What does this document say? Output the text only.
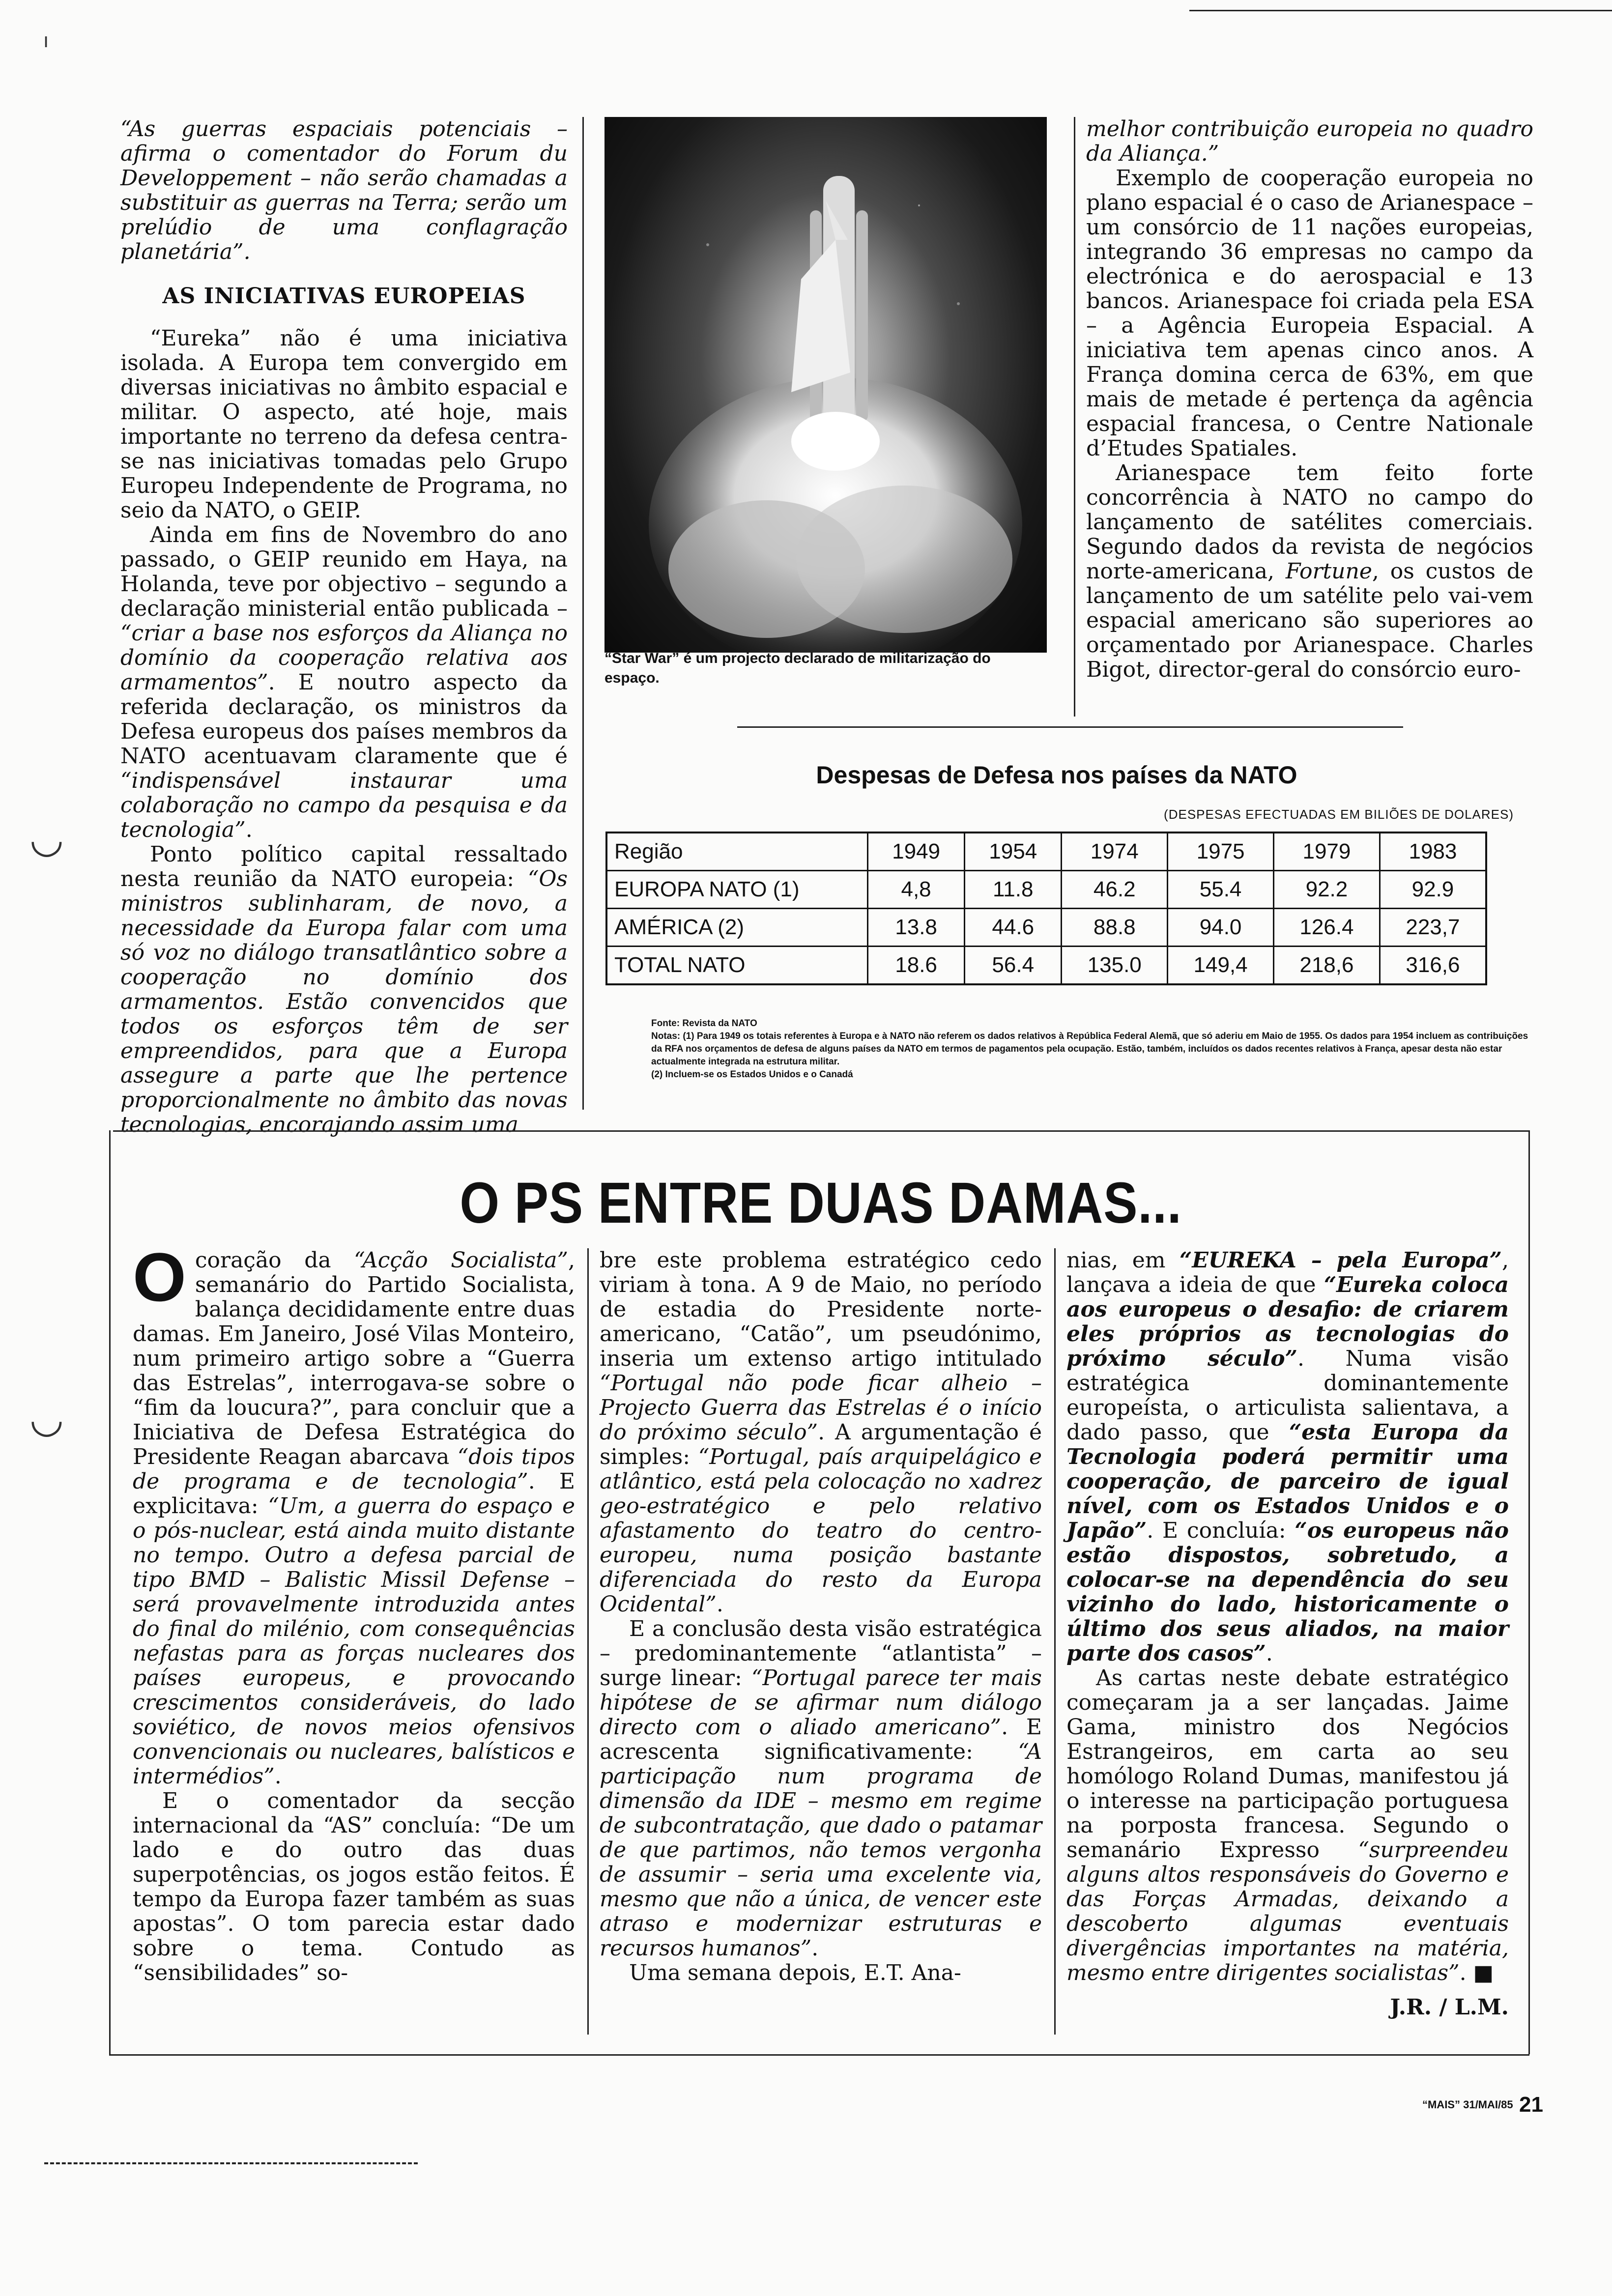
ı
◡
◡

“As guerras espaciais potenciais – afirma o comentador do Forum du Developpement – não serão chamadas a substituir as guerras na Terra; serão um prelúdio de uma conflagração planetária”.

AS INICIATIVAS EUROPEIAS

“Eureka” não é uma iniciativa isolada. A Europa tem convergido em diversas iniciativas no âmbito espacial e militar. O aspecto, até hoje, mais importante no terreno da defesa centra-se nas iniciativas tomadas pelo Grupo Europeu Independente de Programa, no seio da NATO, o GEIP.

Ainda em fins de Novembro do ano passado, o GEIP reunido em Haya, na Holanda, teve por objectivo – segundo a declaração ministerial então publicada – “criar a base nos esforços da Aliança no domínio da cooperação relativa aos armamentos”. E noutro aspecto da referida declaração, os ministros da Defesa europeus dos países membros da NATO acentuavam claramente que é “indispensável instaurar uma colaboração no campo da pesquisa e da tecnologia”.

Ponto político capital ressaltado nesta reunião da NATO europeia: “Os ministros sublinharam, de novo, a necessidade da Europa falar com uma só voz no diálogo transatlântico sobre a cooperação no domínio dos armamentos. Estão convencidos que todos os esforços têm de ser empreendidos, para que a Europa assegure a parte que lhe pertence proporcionalmente no âmbito das novas tecnologias, encorajando assim uma

“Star War” é um projecto declarado de militarização do espaço.

melhor contribuição europeia no quadro da Aliança.”

Exemplo de cooperação europeia no plano espacial é o caso de Arianespace – um consórcio de 11 nações europeias, integrando 36 empresas no campo da electrónica e do aerospacial e 13 bancos. Arianespace foi criada pela ESA – a Agência Europeia Espacial. A iniciativa tem apenas cinco anos. A França domina cerca de 63%, em que mais de metade é pertença da agência espacial francesa, o Centre Nationale d’Etudes Spatiales.

Arianespace tem feito forte concorrência à NATO no campo do lançamento de satélites comerciais. Segundo dados da revista de negócios norte-americana, Fortune, os custos de lançamento de um satélite pelo vai-vem espacial americano são superiores ao orçamentado por Arianespace. Charles Bigot, director-geral do consórcio euro-

Despesas de Defesa nos países da NATO
(DESPESAS EFECTUADAS EM BILIÕES DE DOLARES)
Região	1949	1954	1974	1975	1979	1983
EUROPA NATO (1)	4,8	11.8	46.2	55.4	92.2	92.9
AMÉRICA (2)	13.8	44.6	88.8	94.0	126.4	223,7
TOTAL NATO	18.6	56.4	135.0	149,4	218,6	316,6

Fonte: Revista da NATO

Notas: (1) Para 1949 os totais referentes à Europa e à NATO não referem os dados relativos à República Federal Alemã, que só aderiu em Maio de 1955. Os dados para 1954 incluem as contribuições da RFA nos orçamentos de defesa de alguns países da NATO em termos de pagamentos pela ocupação. Estão, também, incluídos os dados recentes relativos à França, apesar desta não estar actualmente integrada na estrutura militar.

(2) Incluem-se os Estados Unidos e o Canadá

O PS ENTRE DUAS DAMAS...

Ocoração da “Acção Socialista”, semanário do Partido Socialista, balança decididamente entre duas damas. Em Janeiro, José Vilas Monteiro, num primeiro artigo sobre a “Guerra das Estrelas”, interrogava-se sobre o “fim da loucura?”, para concluir que a Iniciativa de Defesa Estratégica do Presidente Reagan abarcava “dois tipos de programa e de tecnologia”. E explicitava: “Um, a guerra do espaço e o pós-nuclear, está ainda muito distante no tempo. Outro a defesa parcial de tipo BMD – Balistic Missil Defense – será provavelmente introduzida antes do final do milénio, com consequências nefastas para as forças nucleares dos países europeus, e provocando crescimentos consideráveis, do lado soviético, de novos meios ofensivos convencionais ou nucleares, balísticos e intermédios”.

E o comentador da secção internacional da “AS” concluía: “De um lado e do outro das duas superpotências, os jogos estão feitos. É tempo da Europa fazer também as suas apostas”. O tom parecia estar dado sobre o tema. Contudo as “sensibilidades” so-

bre este problema estratégico cedo viriam à tona. A 9 de Maio, no período de estadia do Presidente norte-americano, “Catão”, um pseudónimo, inseria um extenso artigo intitulado “Portugal não pode ficar alheio – Projecto Guerra das Estrelas é o início do próximo século”. A argumentação é simples: “Portugal, país arquipelágico e atlântico, está pela colocação no xadrez geo-estratégico e pelo relativo afastamento do teatro do centro-europeu, numa posição bastante diferenciada do resto da Europa Ocidental”.

E a conclusão desta visão estratégica – predominantemente “atlantista” – surge linear: “Portugal parece ter mais hipótese de se afirmar num diálogo directo com o aliado americano”. E acrescenta significativamente: “A participação num programa de dimensão da IDE – mesmo em regime de subcontratação, que dado o patamar de que partimos, não temos vergonha de assumir – seria uma excelente via, mesmo que não a única, de vencer este atraso e modernizar estruturas e recursos humanos”.

Uma semana depois, E.T. Ana-

nias, em “EUREKA – pela Europa”, lançava a ideia de que “Eureka coloca aos europeus o desafio: de criarem eles próprios as tecnologias do próximo século”. Numa visão estratégica dominantemente europeísta, o articulista salientava, a dado passo, que “esta Europa da Tecnologia poderá permitir uma cooperação, de parceiro de igual nível, com os Estados Unidos e o Japão”. E concluía: “os europeus não estão dispostos, sobretudo, a colocar-se na dependência do seu vizinho do lado, historicamente o último dos seus aliados, na maior parte dos casos”.

As cartas neste debate estratégico começaram ja a ser lançadas. Jaime Gama, ministro dos Negócios Estrangeiros, em carta ao seu homólogo Roland Dumas, manifestou já o interesse na participação portuguesa na porposta francesa. Segundo o semanário Expresso “surpreendeu alguns altos responsáveis do Governo e das Forças Armadas, deixando a descoberto algumas eventuais divergências importantes na matéria, mesmo entre dirigentes socialistas”. ■

J.R. / L.M.

“MAIS” 31/MAI/85 21
